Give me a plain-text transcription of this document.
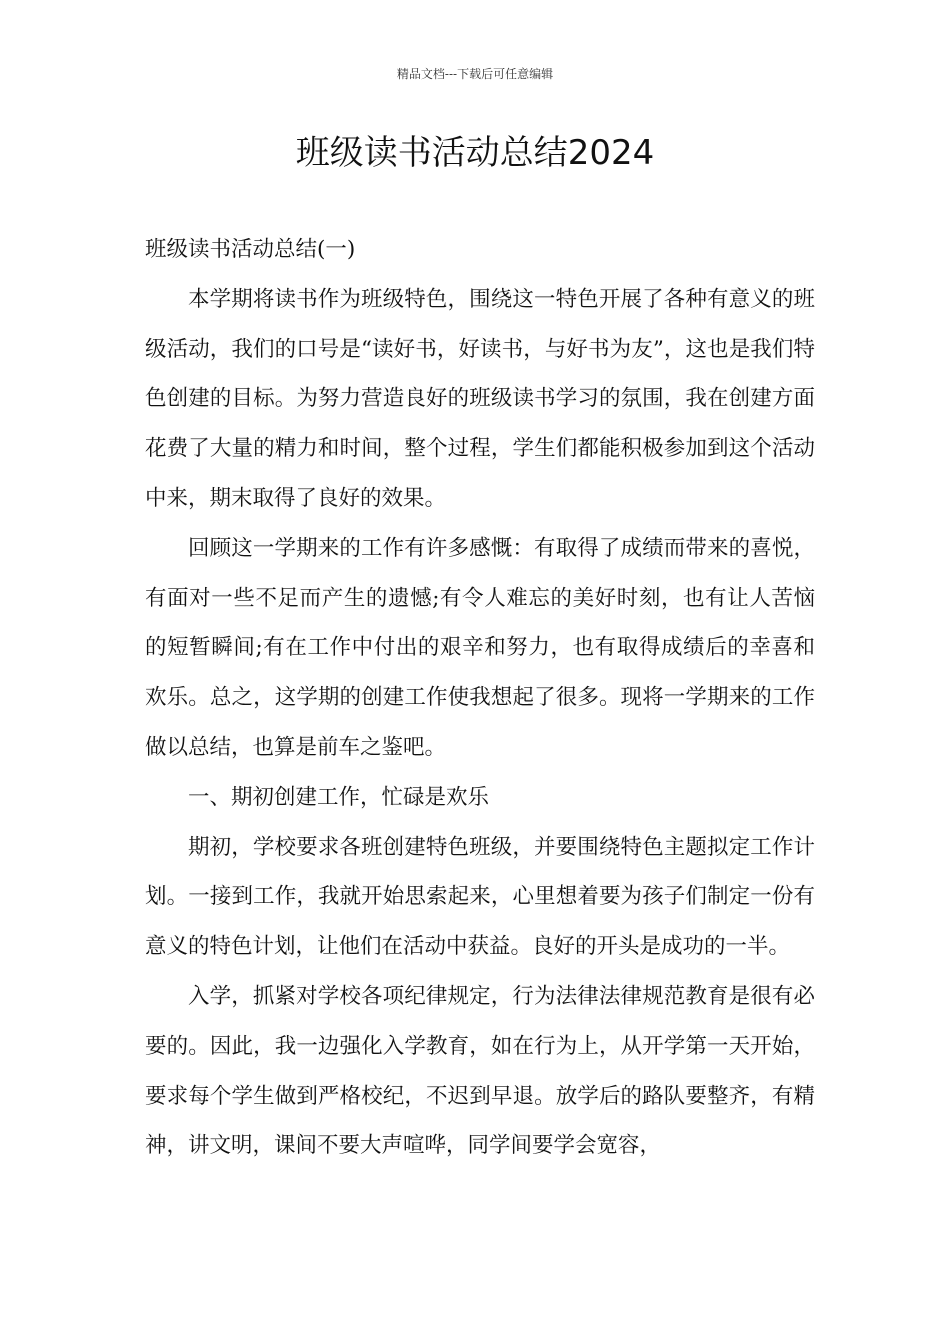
精品文档---下载后可任意编辑
班级读书活动总结2024

班级读书活动总结(一)

本学期将读书作为班级特色，围绕这一特色开展了各种有意义的班级活动，我们的口号是“读好书，好读书，与好书为友”，这也是我们特色创建的目标。为努力营造良好的班级读书学习的氛围，我在创建方面花费了大量的精力和时间，整个过程，学生们都能积极参加到这个活动中来，期末取得了良好的效果。

回顾这一学期来的工作有许多感慨：有取得了成绩而带来的喜悦，有面对一些不足而产生的遗憾;有令人难忘的美好时刻，也有让人苦恼的短暂瞬间;有在工作中付出的艰辛和努力，也有取得成绩后的幸喜和欢乐。总之，这学期的创建工作使我想起了很多。现将一学期来的工作做以总结，也算是前车之鉴吧。

一、期初创建工作，忙碌是欢乐

期初，学校要求各班创建特色班级，并要围绕特色主题拟定工作计划。一接到工作，我就开始思索起来，心里想着要为孩子们制定一份有意义的特色计划，让他们在活动中获益。良好的开头是成功的一半。

入学，抓紧对学校各项纪律规定，行为法律法律规范教育是很有必要的。因此，我一边强化入学教育，如在行为上，从开学第一天开始，要求每个学生做到严格校纪，不迟到早退。放学后的路队要整齐，有精神，讲文明，课间不要大声喧哗，同学间要学会宽容，
